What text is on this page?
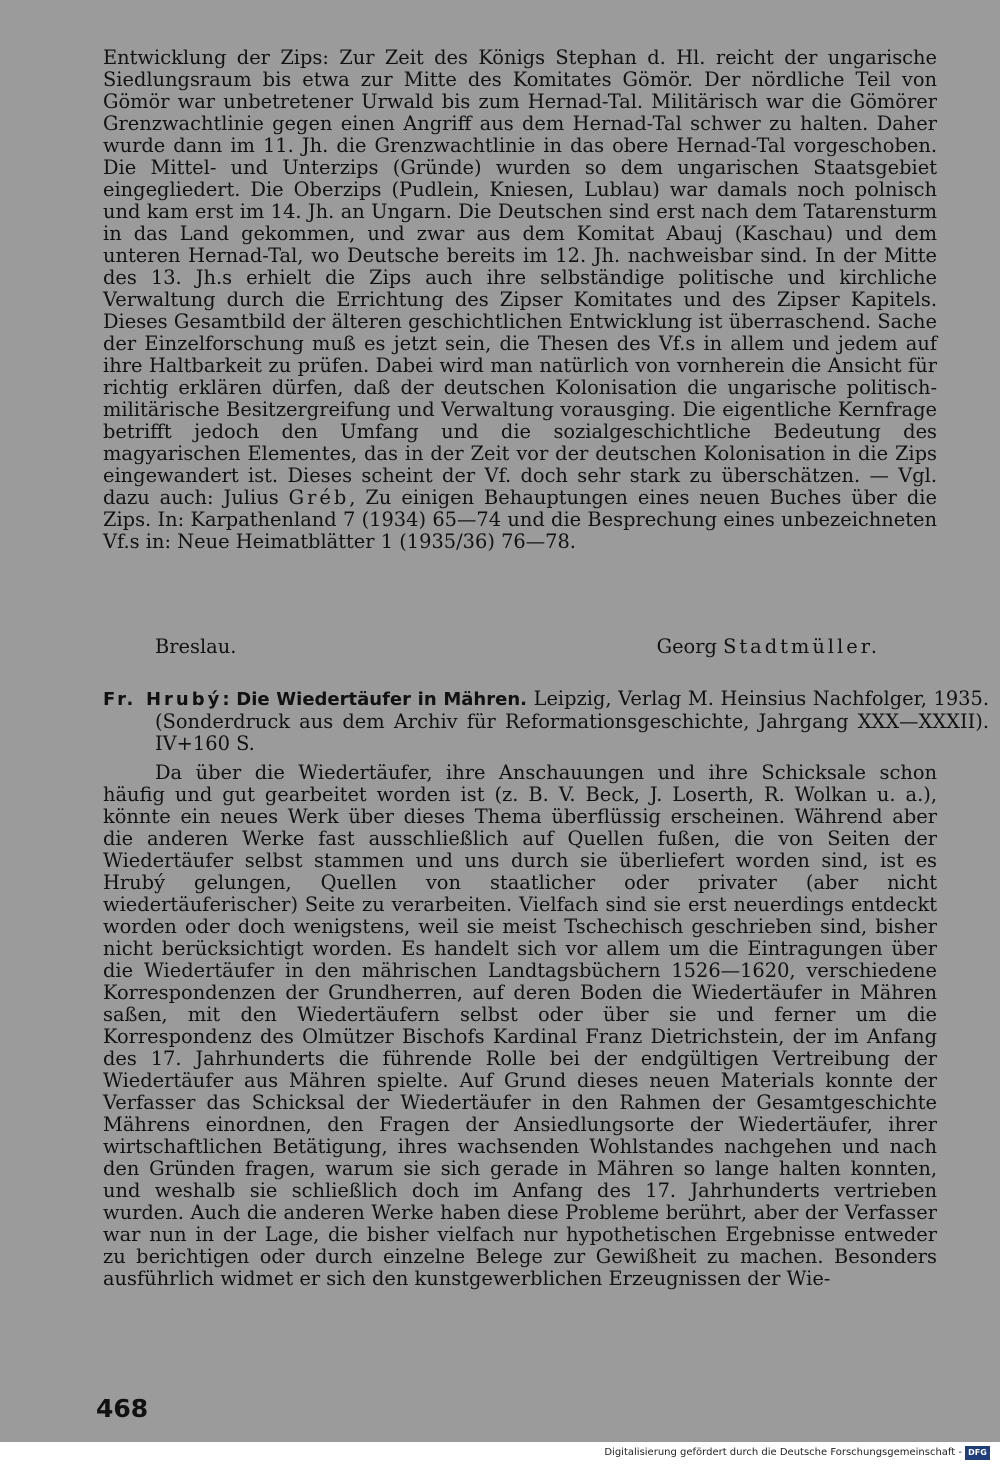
Entwicklung der Zips: Zur Zeit des Königs Stephan d. Hl. reicht der ungarische Siedlungsraum bis etwa zur Mitte des Komitates Gömör. Der nördliche Teil von Gömör war unbetretener Urwald bis zum Hernad-Tal. Militärisch war die Gömörer Grenzwachtlinie gegen einen Angriff aus dem Hernad-Tal schwer zu halten. Daher wurde dann im 11. Jh. die Grenzwachtlinie in das obere Hernad-Tal vorgeschoben. Die Mittel- und Unterzips (Gründe) wurden so dem ungarischen Staatsgebiet eingegliedert. Die Oberzips (Pudlein, Kniesen, Lublau) war damals noch polnisch und kam erst im 14. Jh. an Ungarn. Die Deutschen sind erst nach dem Tatarensturm in das Land gekommen, und zwar aus dem Komitat Abauj (Kaschau) und dem unteren Hernad-Tal, wo Deutsche bereits im 12. Jh. nachweisbar sind. In der Mitte des 13. Jh.s erhielt die Zips auch ihre selbständige politische und kirchliche Verwaltung durch die Errichtung des Zipser Komitates und des Zipser Kapitels. Dieses Gesamtbild der älteren geschichtlichen Entwicklung ist überraschend. Sache der Einzelforschung muß es jetzt sein, die Thesen des Vf.s in allem und jedem auf ihre Haltbarkeit zu prüfen. Dabei wird man natürlich von vornherein die Ansicht für richtig erklären dürfen, daß der deutschen Kolonisation die ungarische politisch-militärische Besitzergreifung und Verwaltung vorausging. Die eigentliche Kernfrage betrifft jedoch den Umfang und die sozialgeschichtliche Bedeutung des magyarischen Elementes, das in der Zeit vor der deutschen Kolonisation in die Zips eingewandert ist. Dieses scheint der Vf. doch sehr stark zu überschätzen. — Vgl. dazu auch: Julius Gréb, Zu einigen Behauptungen eines neuen Buches über die Zips. In: Karpathenland 7 (1934) 65—74 und die Besprechung eines unbezeichneten Vf.s in: Neue Heimatblätter 1 (1935/36) 76—78.

Breslau.	Georg Stadtmüller.

Fr. Hrubý: Die Wiedertäufer in Mähren. Leipzig, Verlag M. Heinsius Nachfolger, 1935. (Sonderdruck aus dem Archiv für Reformationsgeschichte, Jahrgang XXX—XXXII). IV+160 S.

Da über die Wiedertäufer, ihre Anschauungen und ihre Schicksale schon häufig und gut gearbeitet worden ist (z. B. V. Beck, J. Loserth, R. Wolkan u. a.), könnte ein neues Werk über dieses Thema überflüssig erscheinen. Während aber die anderen Werke fast ausschließlich auf Quellen fußen, die von Seiten der Wiedertäufer selbst stammen und uns durch sie überliefert worden sind, ist es Hrubý gelungen, Quellen von staatlicher oder privater (aber nicht wiedertäuferischer) Seite zu verarbeiten. Vielfach sind sie erst neuerdings entdeckt worden oder doch wenigstens, weil sie meist Tschechisch geschrieben sind, bisher nicht berücksichtigt worden. Es handelt sich vor allem um die Eintragungen über die Wiedertäufer in den mährischen Landtagsbüchern 1526—1620, verschiedene Korrespondenzen der Grundherren, auf deren Boden die Wiedertäufer in Mähren saßen, mit den Wiedertäufern selbst oder über sie und ferner um die Korrespondenz des Olmützer Bischofs Kardinal Franz Dietrichstein, der im Anfang des 17. Jahrhunderts die führende Rolle bei der endgültigen Vertreibung der Wiedertäufer aus Mähren spielte. Auf Grund dieses neuen Materials konnte der Verfasser das Schicksal der Wiedertäufer in den Rahmen der Gesamtgeschichte Mährens einordnen, den Fragen der Ansiedlungsorte der Wiedertäufer, ihrer wirtschaftlichen Betätigung, ihres wachsenden Wohlstandes nachgehen und nach den Gründen fragen, warum sie sich gerade in Mähren so lange halten konnten, und weshalb sie schließlich doch im Anfang des 17. Jahrhunderts vertrieben wurden. Auch die anderen Werke haben diese Probleme berührt, aber der Verfasser war nun in der Lage, die bisher vielfach nur hypothetischen Ergebnisse entweder zu berichtigen oder durch einzelne Belege zur Gewißheit zu machen. Besonders ausführlich widmet er sich den kunstgewerblichen Erzeugnissen der Wie-

468
Digitalisierung gefördert durch die Deutsche Forschungsgemeinschaft - DFG
